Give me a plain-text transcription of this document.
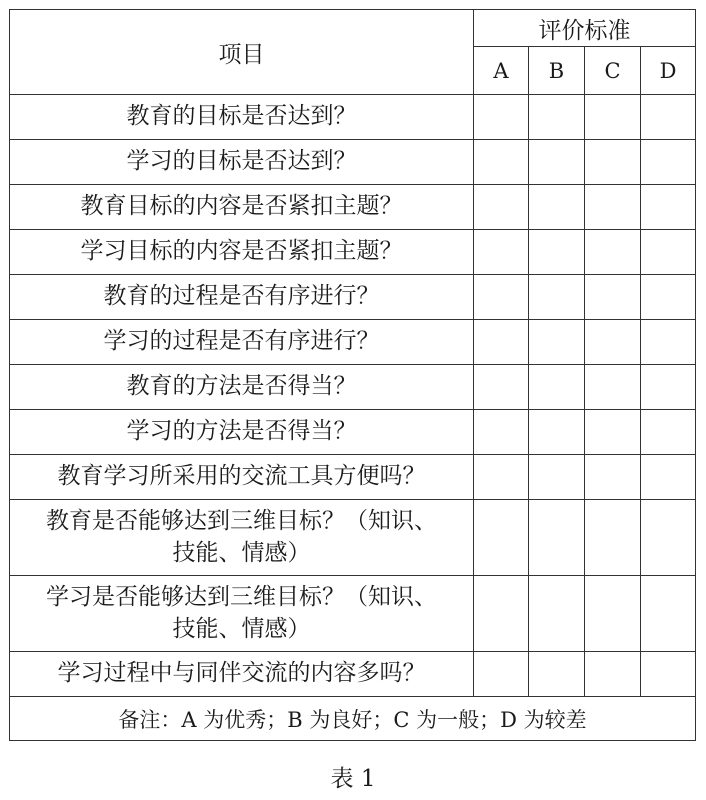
项目	评价标准			
	A	B	C	D
教育的目标是否达到？				
学习的目标是否达到？				
教育目标的内容是否紧扣主题？				
学习目标的内容是否紧扣主题？				
教育的过程是否有序进行？				
学习的过程是否有序进行？				
教育的方法是否得当？				
学习的方法是否得当？				
教育学习所采用的交流工具方便吗？				

教育是否能够达到三维目标？（知识、
技能、情感）				

学习是否能够达到三维目标？（知识、
技能、情感）				

学习过程中与同伴交流的内容多吗？				
备注：A 为优秀；B 为良好；C 为一般；D 为较差				
表 1
